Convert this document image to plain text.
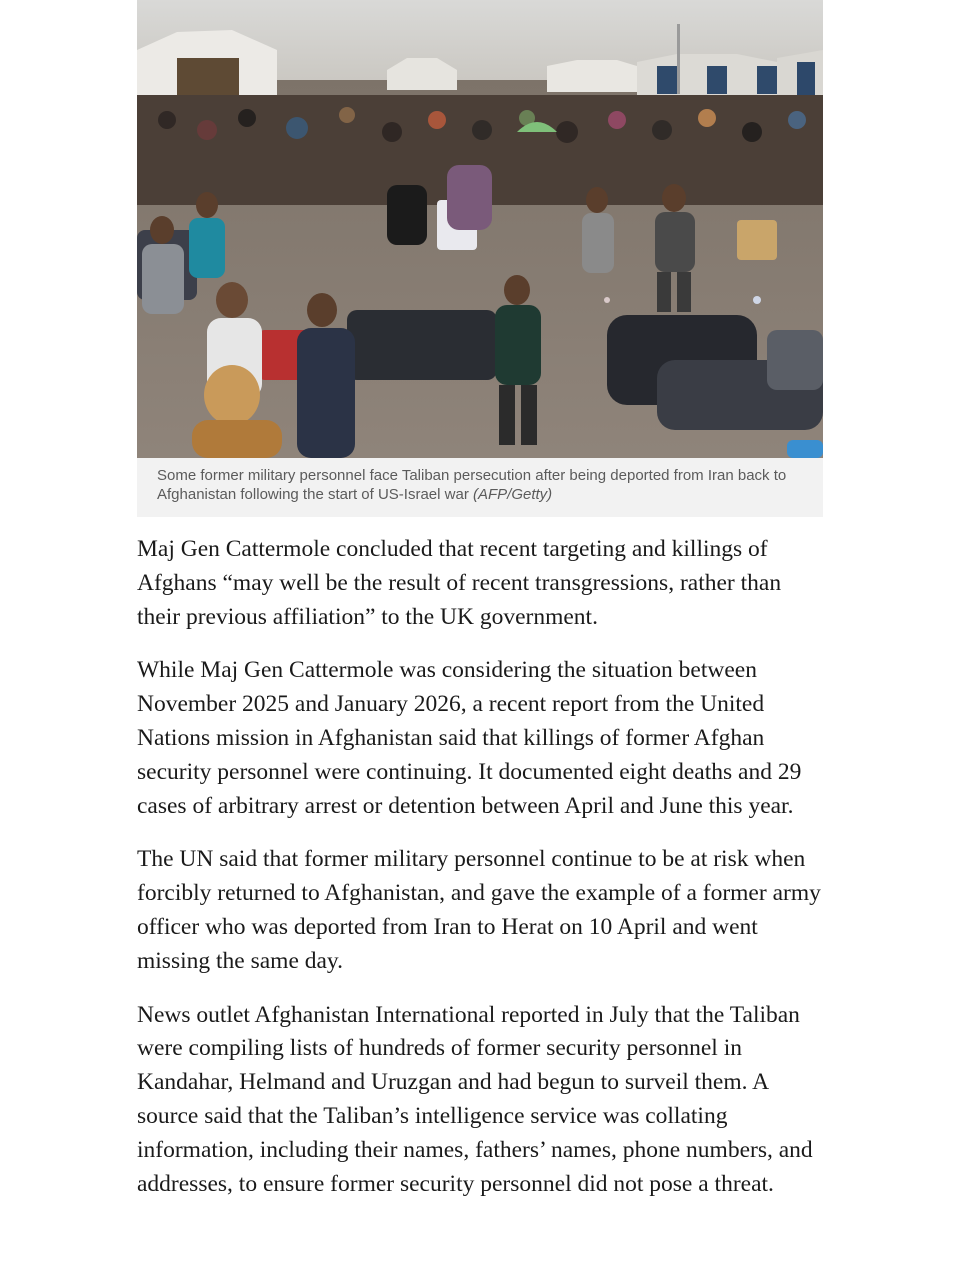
Some former military personnel face Taliban persecution after being deported from Iran back to Afghanistan following the start of US-Israel war (AFP/Getty)

Maj Gen Cattermole concluded that recent targeting and killings of Afghans “may well be the result of recent transgressions, rather than their previous affiliation” to the UK government.

While Maj Gen Cattermole was considering the situation between November 2025 and January 2026, a recent report from the United Nations mission in Afghanistan said that killings of former Afghan security personnel were continuing. It documented eight deaths and 29 cases of arbitrary arrest or detention between April and June this year.

The UN said that former military personnel continue to be at risk when forcibly returned to Afghanistan, and gave the example of a former army officer who was deported from Iran to Herat on 10 April and went missing the same day.

News outlet Afghanistan International reported in July that the Taliban were compiling lists of hundreds of former security personnel in Kandahar, Helmand and Uruzgan and had begun to surveil them. A source said that the Taliban’s intelligence service was collating information, including their names, fathers’ names, phone numbers, and addresses, to ensure former security personnel did not pose a threat.
